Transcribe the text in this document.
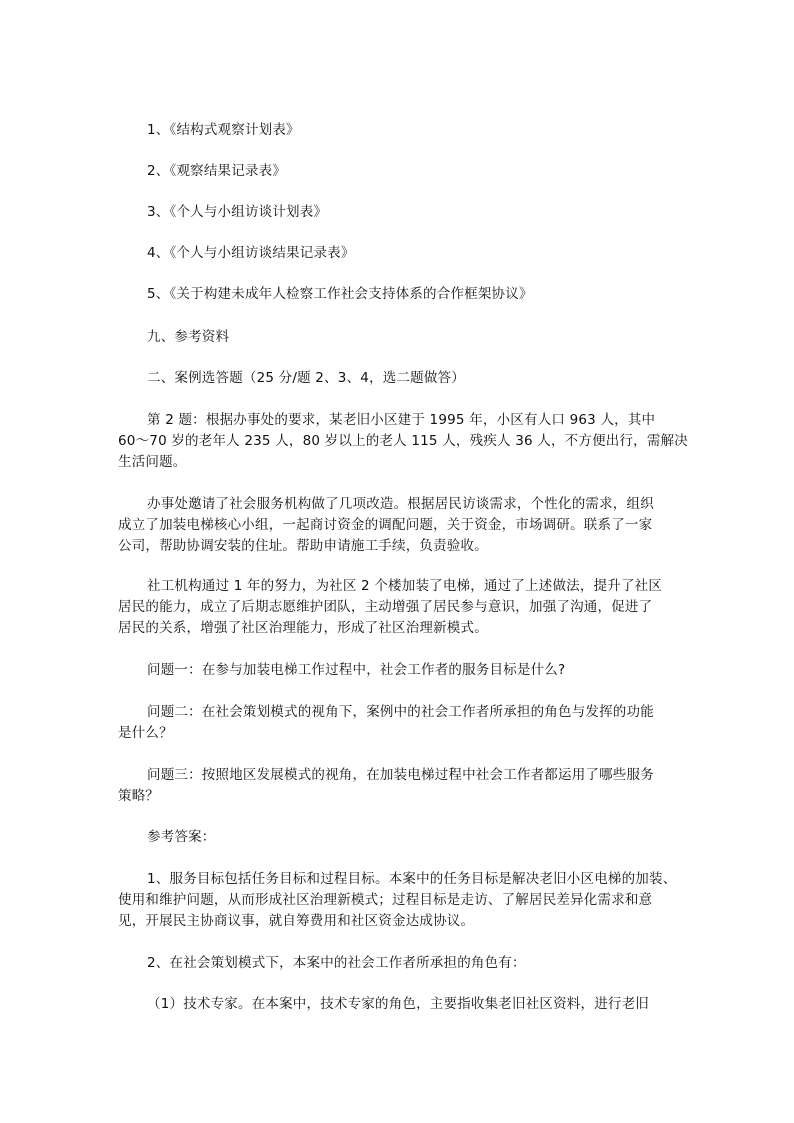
1、《结构式观察计划表》
2、《观察结果记录表》
3、《个人与小组访谈计划表》
4、《个人与小组访谈结果记录表》
5、《关于构建未成年人检察工作社会支持体系的合作框架协议》
九、参考资料
二、案例选答题（25 分/题 2、3、4，选二题做答）
第 2 题：根据办事处的要求，某老旧小区建于 1995 年，小区有人口 963 人，其中
60～70 岁的老年人 235 人，80 岁以上的老人 115 人，残疾人 36 人，不方便出行，需解决
生活问题。
办事处邀请了社会服务机构做了几项改造。根据居民访谈需求，个性化的需求，组织
成立了加装电梯核心小组，一起商讨资金的调配问题，关于资金，市场调研。联系了一家
公司，帮助协调安装的住址。帮助申请施工手续，负责验收。
社工机构通过 1 年的努力，为社区 2 个楼加装了电梯，通过了上述做法，提升了社区
居民的能力，成立了后期志愿维护团队，主动增强了居民参与意识，加强了沟通，促进了
居民的关系，增强了社区治理能力，形成了社区治理新模式。
问题一：在参与加装电梯工作过程中，社会工作者的服务目标是什么?
问题二：在社会策划模式的视角下，案例中的社会工作者所承担的角色与发挥的功能
是什么？
问题三：按照地区发展模式的视角，在加装电梯过程中社会工作者都运用了哪些服务
策略？
参考答案：
1、服务目标包括任务目标和过程目标。本案中的任务目标是解决老旧小区电梯的加装、
使用和维护问题，从而形成社区治理新模式；过程目标是走访、了解居民差异化需求和意
见，开展民主协商议事，就自筹费用和社区资金达成协议。
2、在社会策划模式下，本案中的社会工作者所承担的角色有：
（1）技术专家。在本案中，技术专家的角色，主要指收集老旧社区资料，进行老旧
